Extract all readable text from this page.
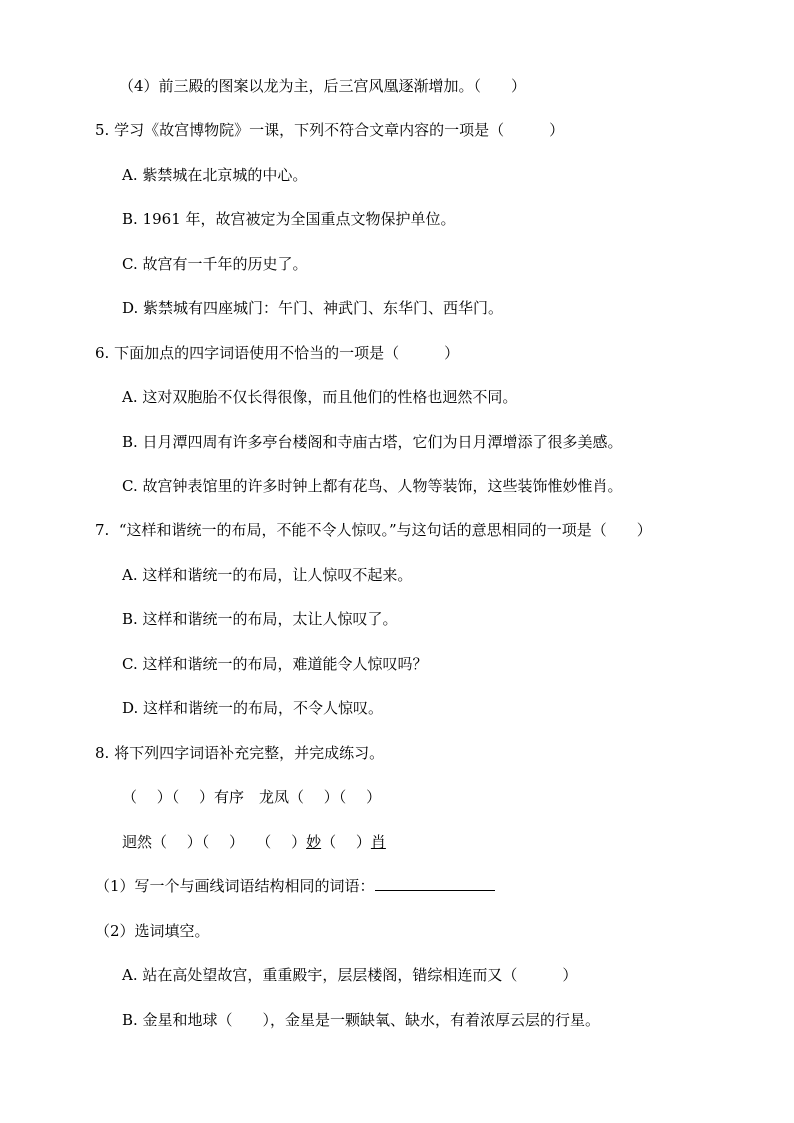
（4）前三殿的图案以龙为主，后三宫风凰逐渐增加。（　　）
5. 学习《故宫博物院》一课，下列不符合文章内容的一项是（　　　）
A. 紫禁城在北京城的中心。
B. 1961 年，故宫被定为全国重点文物保护单位。
C. 故宫有一千年的历史了。
D. 紫禁城有四座城门：午门、神武门、东华门、西华门。
6. 下面加点的四字词语使用不恰当的一项是（　　　）
A. 这对双胞胎不仅长得很像，而且他们的性格也迥然不同。
B. 日月潭四周有许多亭台楼阁和寺庙古塔，它们为日月潭增添了很多美感。
C. 故宫钟表馆里的许多时钟上都有花鸟、人物等装饰，这些装饰惟妙惟肖。
7.  “这样和谐统一的布局，不能不令人惊叹。”与这句话的意思相同的一项是（　　）
A. 这样和谐统一的布局，让人惊叹不起来。
B. 这样和谐统一的布局，太让人惊叹了。
C. 这样和谐统一的布局，难道能令人惊叹吗？
D. 这样和谐统一的布局，不令人惊叹。
8. 将下列四字词语补充完整，并完成练习。
（　 ）（　 ）有序　龙凤（　 ）（　 ）
迥然（　 ）（　 ）　 （　 ）妙（　 ）肖
（1）写一个与画线词语结构相同的词语：
（2）选词填空。
A. 站在高处望故宫，重重殿宇，层层楼阁，错综相连而又（　　　）
B. 金星和地球（　　），金星是一颗缺氧、缺水，有着浓厚云层的行星。
